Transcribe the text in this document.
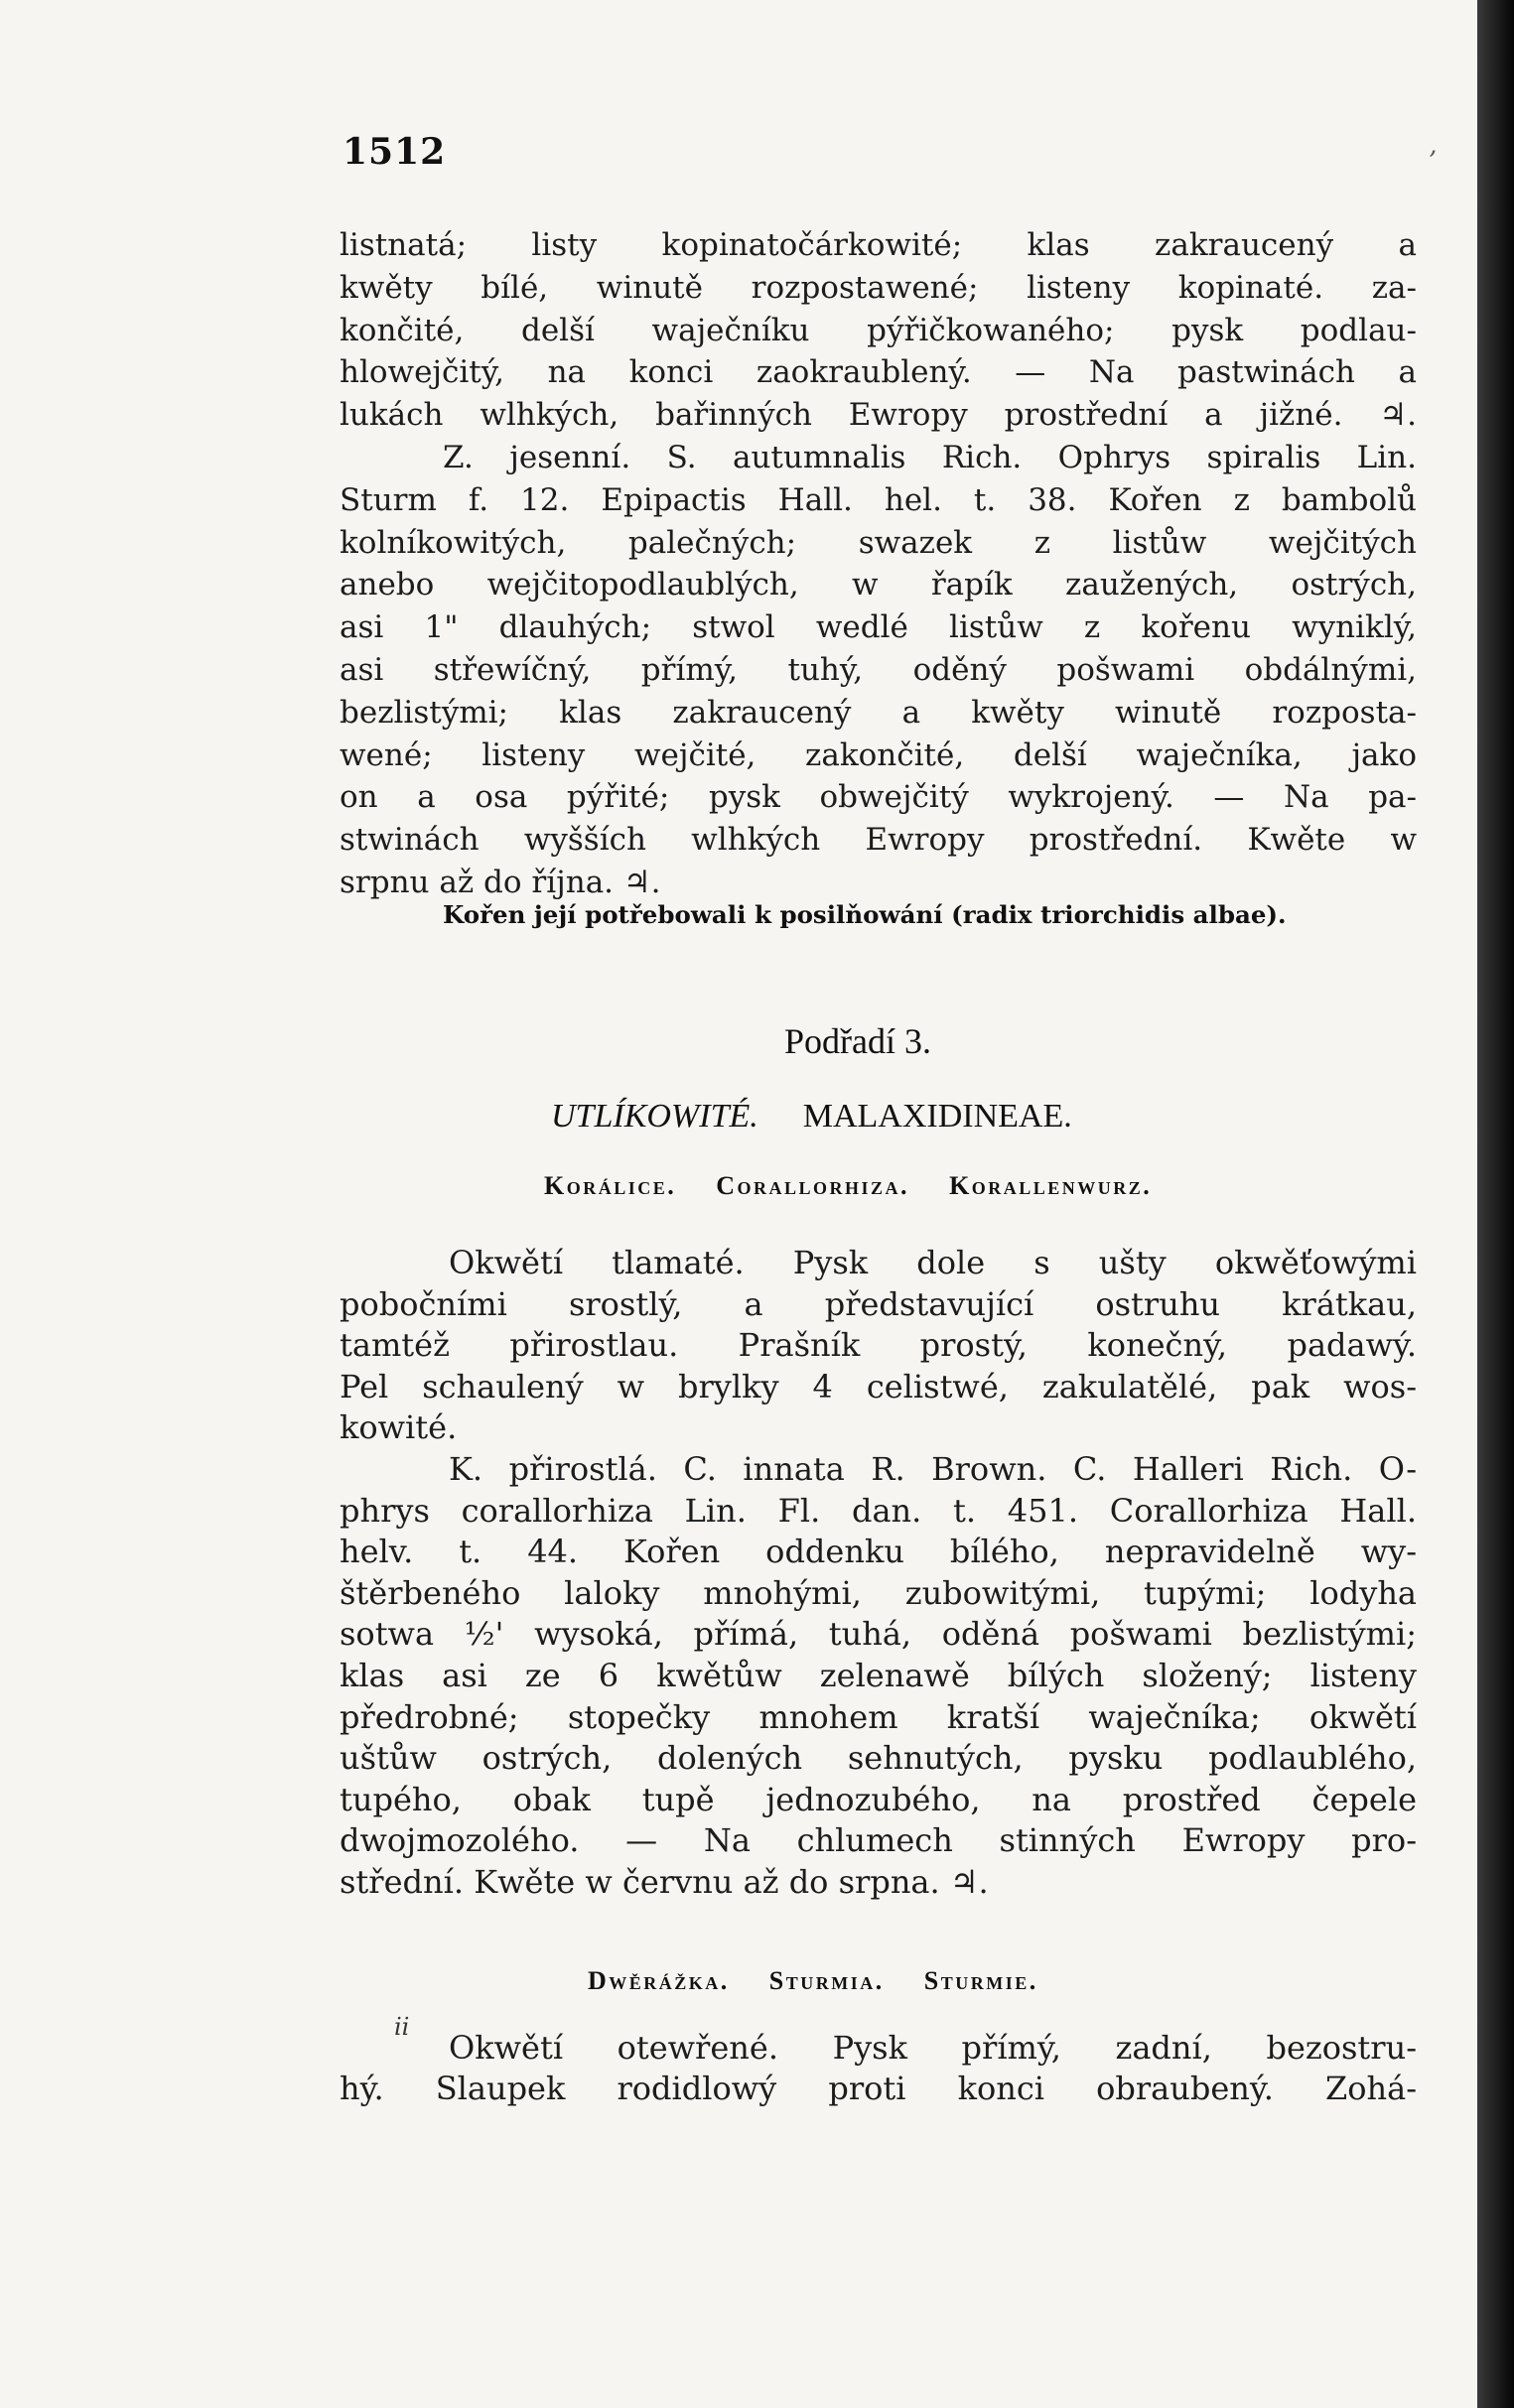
1512	ʼ
listnatá; listy kopinatočárkowité; klas zakraucený a
kwěty bílé, winutě rozpostawené; listeny kopinaté. za-
končité, delší waječníku pýřičkowaného; pysk podlau-
hlowejčitý, na konci zaokraublený. — Na pastwinách a
lukách wlhkých, bařinných Ewropy prostřední a jižné. ♃.
Z. jesenní. S. autumnalis Rich. Ophrys spiralis Lin.
Sturm f. 12. Epipactis Hall. hel. t. 38. Kořen z bambolů
kolníkowitých, palečných; swazek z listůw wejčitých
anebo wejčitopodlaublých, w řapík zaužených, ostrých,
asi 1" dlauhých; stwol wedlé listůw z kořenu wyniklý,
asi střewíčný, přímý, tuhý, oděný pošwami obdálnými,
bezlistými; klas zakraucený a kwěty winutě rozposta-
wené; listeny wejčité, zakončité, delší waječníka, jako
on a osa pýřité; pysk obwejčitý wykrojený. — Na pa-
stwinách wyšších wlhkých Ewropy prostřední. Kwěte w
srpnu až do října. ♃.
Kořen její potřebowali k posilňowání (radix triorchidis albae).
Podřadí 3.
UTLÍKOWITÉ. MALAXIDINEAE.
Korálice. Corallorhiza. Korallenwurz.
Okwětí tlamaté. Pysk dole s ušty okwěťowými
pobočními srostlý, a představující ostruhu krátkau,
tamtéž přirostlau. Prašník prostý, konečný, padawý.
Pel schaulený w brylky 4 celistwé, zakulatělé, pak wos-
kowité.
K. přirostlá. C. innata R. Brown. C. Halleri Rich. O-
phrys corallorhiza Lin. Fl. dan. t. 451. Corallorhiza Hall.
helv. t. 44. Kořen oddenku bílého, nepravidelně wy-
štěrbeného laloky mnohými, zubowitými, tupými; lodyha
sotwa ½' wysoká, přímá, tuhá, oděná pošwami bezlistými;
klas asi ze 6 kwětůw zelenawě bílých složený; listeny
předrobné; stopečky mnohem kratší waječníka; okwětí
uštůw ostrých, dolených sehnutých, pysku podlaublého,
tupého, obak tupě jednozubého, na prostřed čepele
dwojmozolého. — Na chlumech stinných Ewropy pro-
střední. Kwěte w červnu až do srpna. ♃.
Dwěrážka. Sturmia. Sturmie.
ii
Okwětí otewřené. Pysk přímý, zadní, bezostru-
hý. Slaupek rodidlowý proti konci obraubený. Zohá-
